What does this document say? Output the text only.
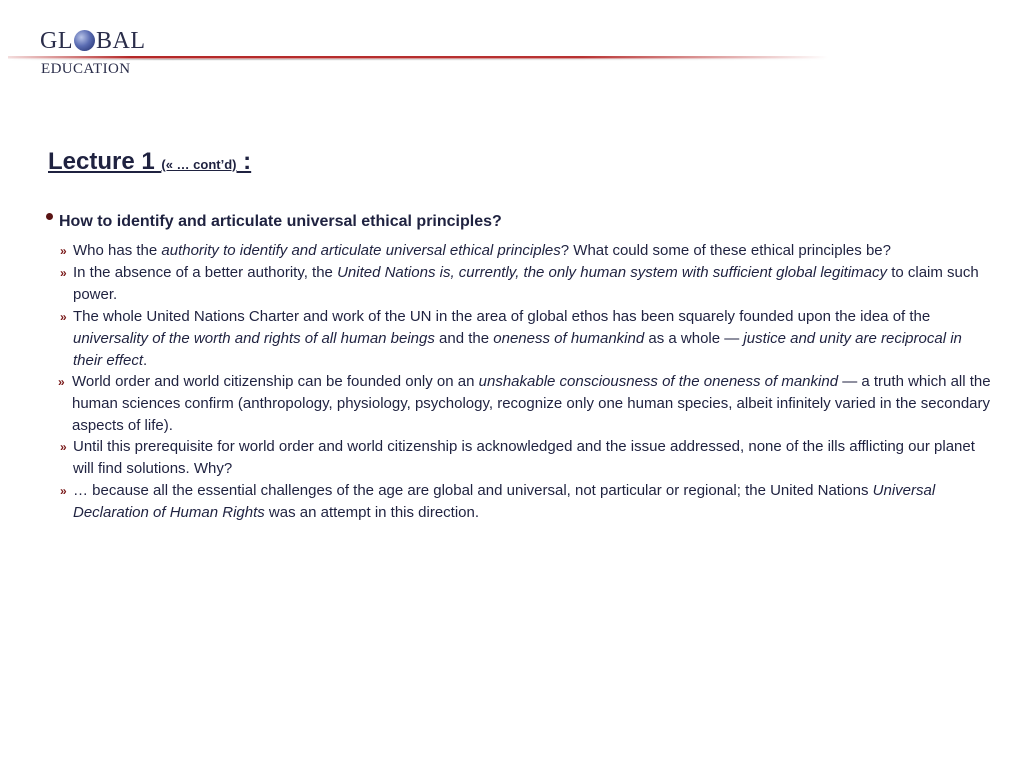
GL BAL
EDUCATION
Lecture 1 (« … cont’d) :
How to identify and articulate universal ethical principles?
» Who has the authority to identify and articulate universal ethical principles? What could some of these ethical principles be?
» In the absence of a better authority, the United Nations is, currently, the only human system with sufficient global legitimacy to claim such power.
» The whole United Nations Charter and work of the UN in the area of global ethos has been squarely founded upon the idea of the universality of the worth and rights of all human beings and the oneness of humankind as a whole — justice and unity are reciprocal in their effect.
» World order and world citizenship can be founded only on an unshakable consciousness of the oneness of mankind — a truth which all the human sciences confirm (anthropology, physiology, psychology, recognize only one human species, albeit infinitely varied in the secondary aspects of life).
» Until this prerequisite for world order and world citizenship is acknowledged and the issue addressed, none of the ills afflicting our planet will find solutions. Why?
» … because all the essential challenges of the age are global and universal, not particular or regional; the United Nations Universal Declaration of Human Rights was an attempt in this direction.
